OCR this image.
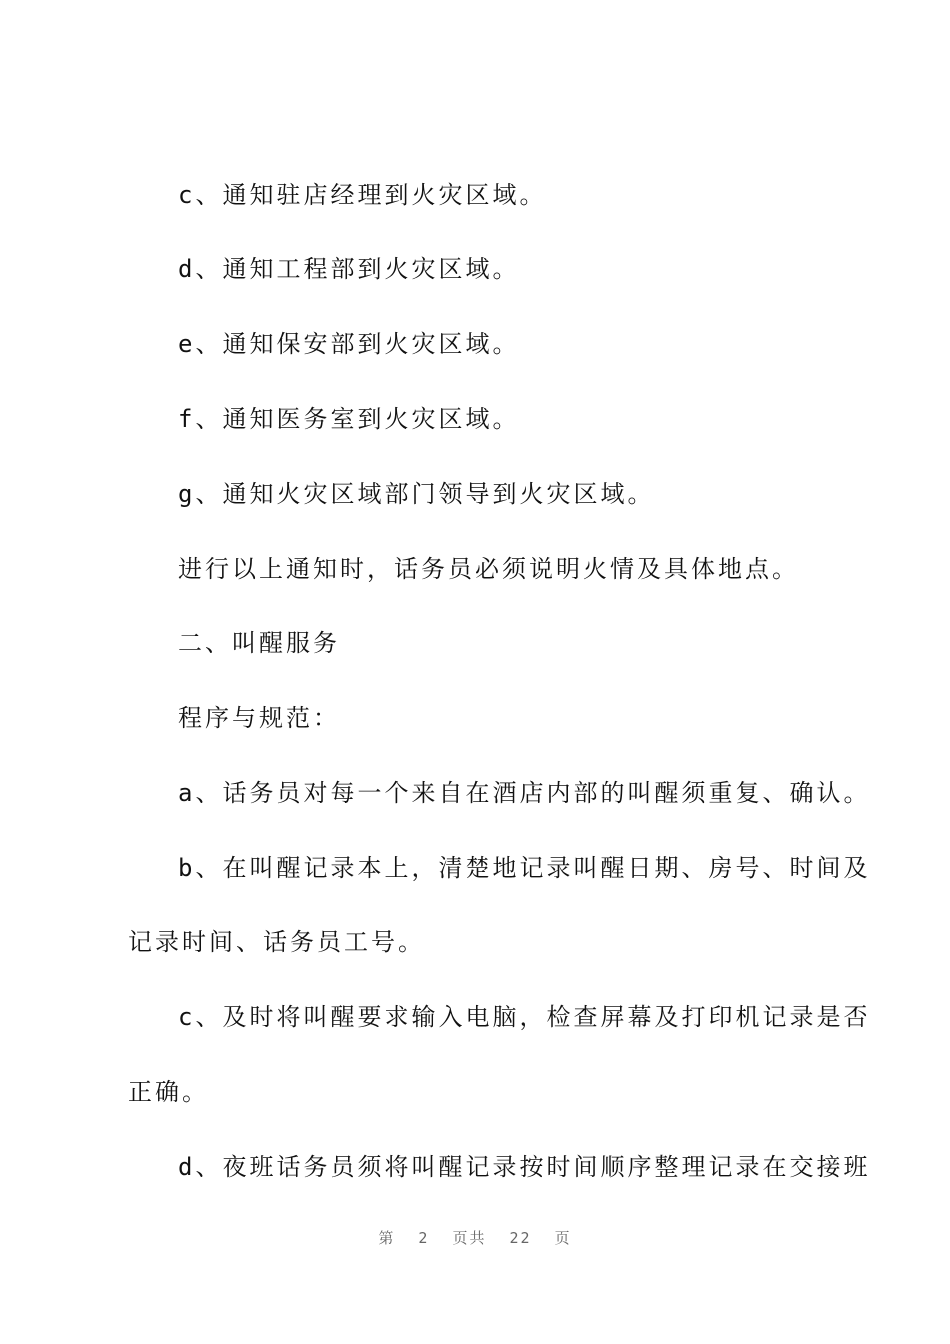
c、通知驻店经理到火灾区域。

d、通知工程部到火灾区域。

e、通知保安部到火灾区域。

f、通知医务室到火灾区域。

g、通知火灾区域部门领导到火灾区域。

进行以上通知时，话务员必须说明火情及具体地点。

二、叫醒服务

程序与规范：

a、话务员对每一个来自在酒店内部的叫醒须重复、确认。

b、在叫醒记录本上，清楚地记录叫醒日期、房号、时间及

记录时间、话务员工号。

c、及时将叫醒要求输入电脑，检查屏幕及打印机记录是否

正确。

d、夜班话务员须将叫醒记录按时间顺序整理记录在交接班

第 2 页共 22 页
